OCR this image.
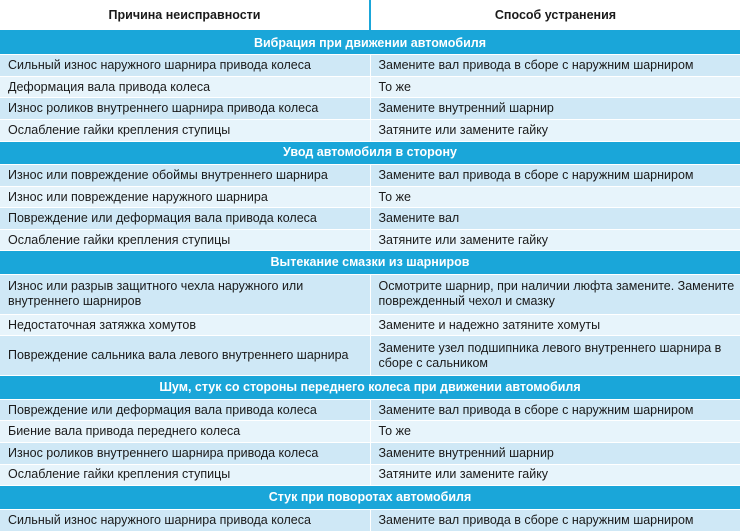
Причина неисправности	Способ устранения
Вибрация при движении автомобиля	
Сильный износ наружного шарнира привода колеса	Замените вал привода в сборе с наружним шарниром
Деформация вала привода колеса	То же
Износ роликов внутреннего шарнира привода колеса	Замените внутренний шарнир
Ослабление гайки крепления ступицы	Затяните или замените гайку
Увод автомобиля в сторону	
Износ или повреждение обоймы внутреннего шарнира	Замените вал привода в сборе с наружним шарниром
Износ или повреждение наружного шарнира	То же
Повреждение или деформация вала привода колеса	Замените вал
Ослабление гайки крепления ступицы	Затяните или замените гайку
Вытекание смазки из шарниров	
Износ или разрыв защитного чехла наружного или внутреннего шарниров	Осмотрите шарнир, при наличии люфта замените. Замените поврежденный чехол и смазку
Недостаточная затяжка хомутов	Замените и надежно затяните хомуты
Повреждение сальника вала левого внутреннего шарнира	Замените узел подшипника левого внутреннего шарнира в сборе с сальником
Шум, стук со стороны переднего колеса при движении автомобиля	
Повреждение или деформация вала привода колеса	Замените вал привода в сборе с наружним шарниром
Биение вала привода переднего колеса	То же
Износ роликов внутреннего шарнира привода колеса	Замените внутренний шарнир
Ослабление гайки крепления ступицы	Затяните или замените гайку
Стук при поворотах автомобиля	
Сильный износ наружного шарнира привода колеса	Замените вал привода в сборе с наружним шарниром
